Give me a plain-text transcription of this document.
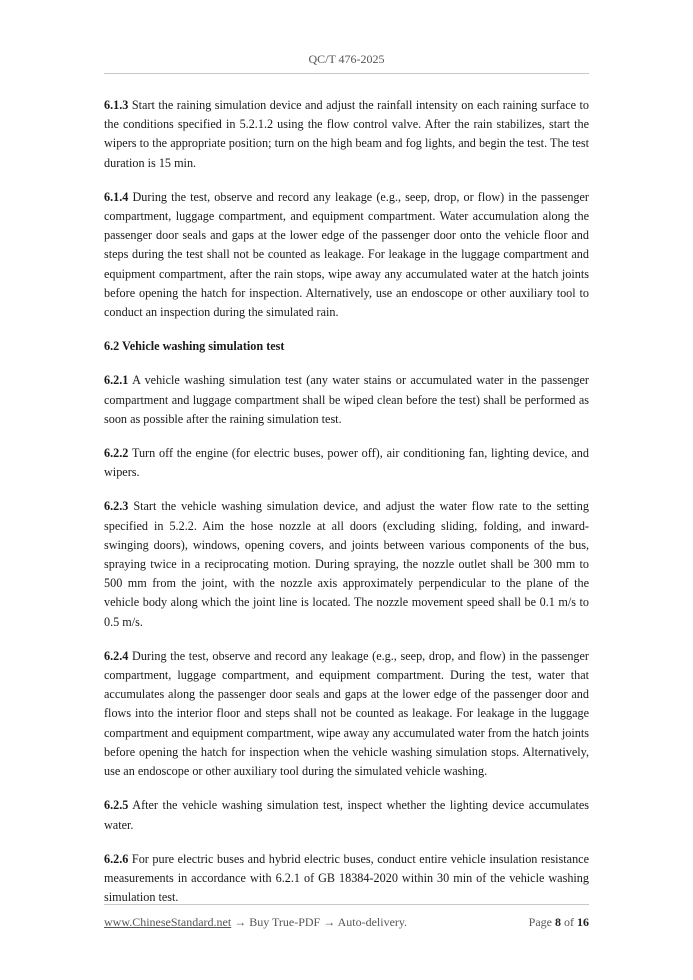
QC/T 476-2025

6.1.3 Start the raining simulation device and adjust the rainfall intensity on each raining surface to the conditions specified in 5.2.1.2 using the flow control valve. After the rain stabilizes, start the wipers to the appropriate position; turn on the high beam and fog lights, and begin the test. The test duration is 15 min.

6.1.4 During the test, observe and record any leakage (e.g., seep, drop, or flow) in the passenger compartment, luggage compartment, and equipment compartment. Water accumulation along the passenger door seals and gaps at the lower edge of the passenger door onto the vehicle floor and steps during the test shall not be counted as leakage. For leakage in the luggage compartment and equipment compartment, after the rain stops, wipe away any accumulated water at the hatch joints before opening the hatch for inspection. Alternatively, use an endoscope or other auxiliary tool to conduct an inspection during the simulated rain.

6.2 Vehicle washing simulation test

6.2.1 A vehicle washing simulation test (any water stains or accumulated water in the passenger compartment and luggage compartment shall be wiped clean before the test) shall be performed as soon as possible after the raining simulation test.

6.2.2 Turn off the engine (for electric buses, power off), air conditioning fan, lighting device, and wipers.

6.2.3 Start the vehicle washing simulation device, and adjust the water flow rate to the setting specified in 5.2.2. Aim the hose nozzle at all doors (excluding sliding, folding, and inward-swinging doors), windows, opening covers, and joints between various components of the bus, spraying twice in a reciprocating motion. During spraying, the nozzle outlet shall be 300 mm to 500 mm from the joint, with the nozzle axis approximately perpendicular to the plane of the vehicle body along which the joint line is located. The nozzle movement speed shall be 0.1 m/s to 0.5 m/s.

6.2.4 During the test, observe and record any leakage (e.g., seep, drop, and flow) in the passenger compartment, luggage compartment, and equipment compartment. During the test, water that accumulates along the passenger door seals and gaps at the lower edge of the passenger door and flows into the interior floor and steps shall not be counted as leakage. For leakage in the luggage compartment and equipment compartment, wipe away any accumulated water from the hatch joints before opening the hatch for inspection when the vehicle washing simulation stops. Alternatively, use an endoscope or other auxiliary tool during the simulated vehicle washing.

6.2.5 After the vehicle washing simulation test, inspect whether the lighting device accumulates water.

6.2.6 For pure electric buses and hybrid electric buses, conduct entire vehicle insulation resistance measurements in accordance with 6.2.1 of GB 18384-2020 within 30 min of the vehicle washing simulation test.

www.ChineseStandard.net → Buy True-PDF → Auto-delivery.	Page 8 of 16
